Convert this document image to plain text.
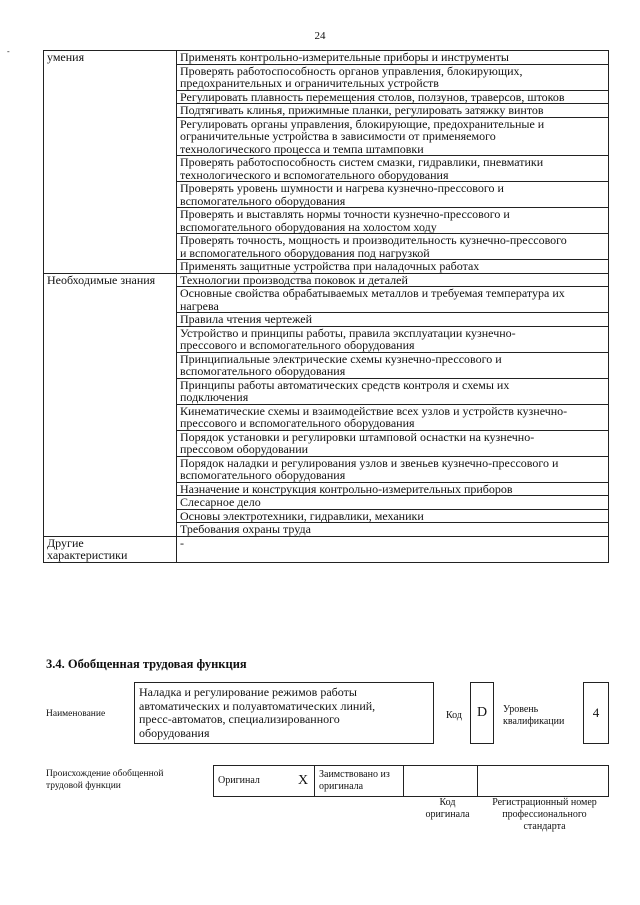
24
-	умения	Применять контрольно-измерительные приборы и инструменты

	Проверять работоспособность органов управления, блокирующих,
предохранительных и ограничительных устройств

	Регулировать плавность перемещения столов, ползунов, траверсов, штоков

	Подтягивать клинья, прижимные планки, регулировать затяжку винтов

	Регулировать органы управления, блокирующие, предохранительные и
ограничительные устройства в зависимости от применяемого
технологического процесса и темпа штамповки

	Проверять работоспособность систем смазки, гидравлики, пневматики
технологического и вспомогательного оборудования

	Проверять уровень шумности и нагрева кузнечно-прессового и
вспомогательного оборудования

	Проверять и выставлять нормы точности кузнечно-прессового и
вспомогательного оборудования на холостом ходу

	Проверять точность, мощность и производительность кузнечно-прессового
и вспомогательного оборудования под нагрузкой

	Применять защитные устройства при наладочных работах

Необходимые знания	Технологии производства поковок и деталей

	Основные свойства обрабатываемых металлов и требуемая температура их
нагрева

	Правила чтения чертежей

	Устройство и принципы работы, правила эксплуатации кузнечно-
прессового и вспомогательного оборудования

	Принципиальные электрические схемы кузнечно-прессового и
вспомогательного оборудования

	Принципы работы автоматических средств контроля и схемы их
подключения

	Кинематические схемы и взаимодействие всех узлов и устройств кузнечно-
прессового и вспомогательного оборудования

	Порядок установки и регулировки штамповой оснастки на кузнечно-
прессовом оборудовании

	Порядок наладки и регулирования узлов и звеньев кузнечно-прессового и
вспомогательного оборудования

	Назначение и конструкция контрольно-измерительных приборов

	Слесарное дело

	Основы электротехники, гидравлики, механики

	Требования охраны труда

Другие
характеристики	-
3.4. Обобщенная трудовая функция
Наименование
Наладка и регулирование режимов работы
автоматических и полуавтоматических линий,
пресс-автоматов, специализированного
оборудования
Код	D	Уровень
квалификации
4
Происхождение обобщенной
трудовой функции	Оригинал	X	Заимствовано из
оригинала

Код
оригинала
Регистрационный номер
профессионального
стандарта
